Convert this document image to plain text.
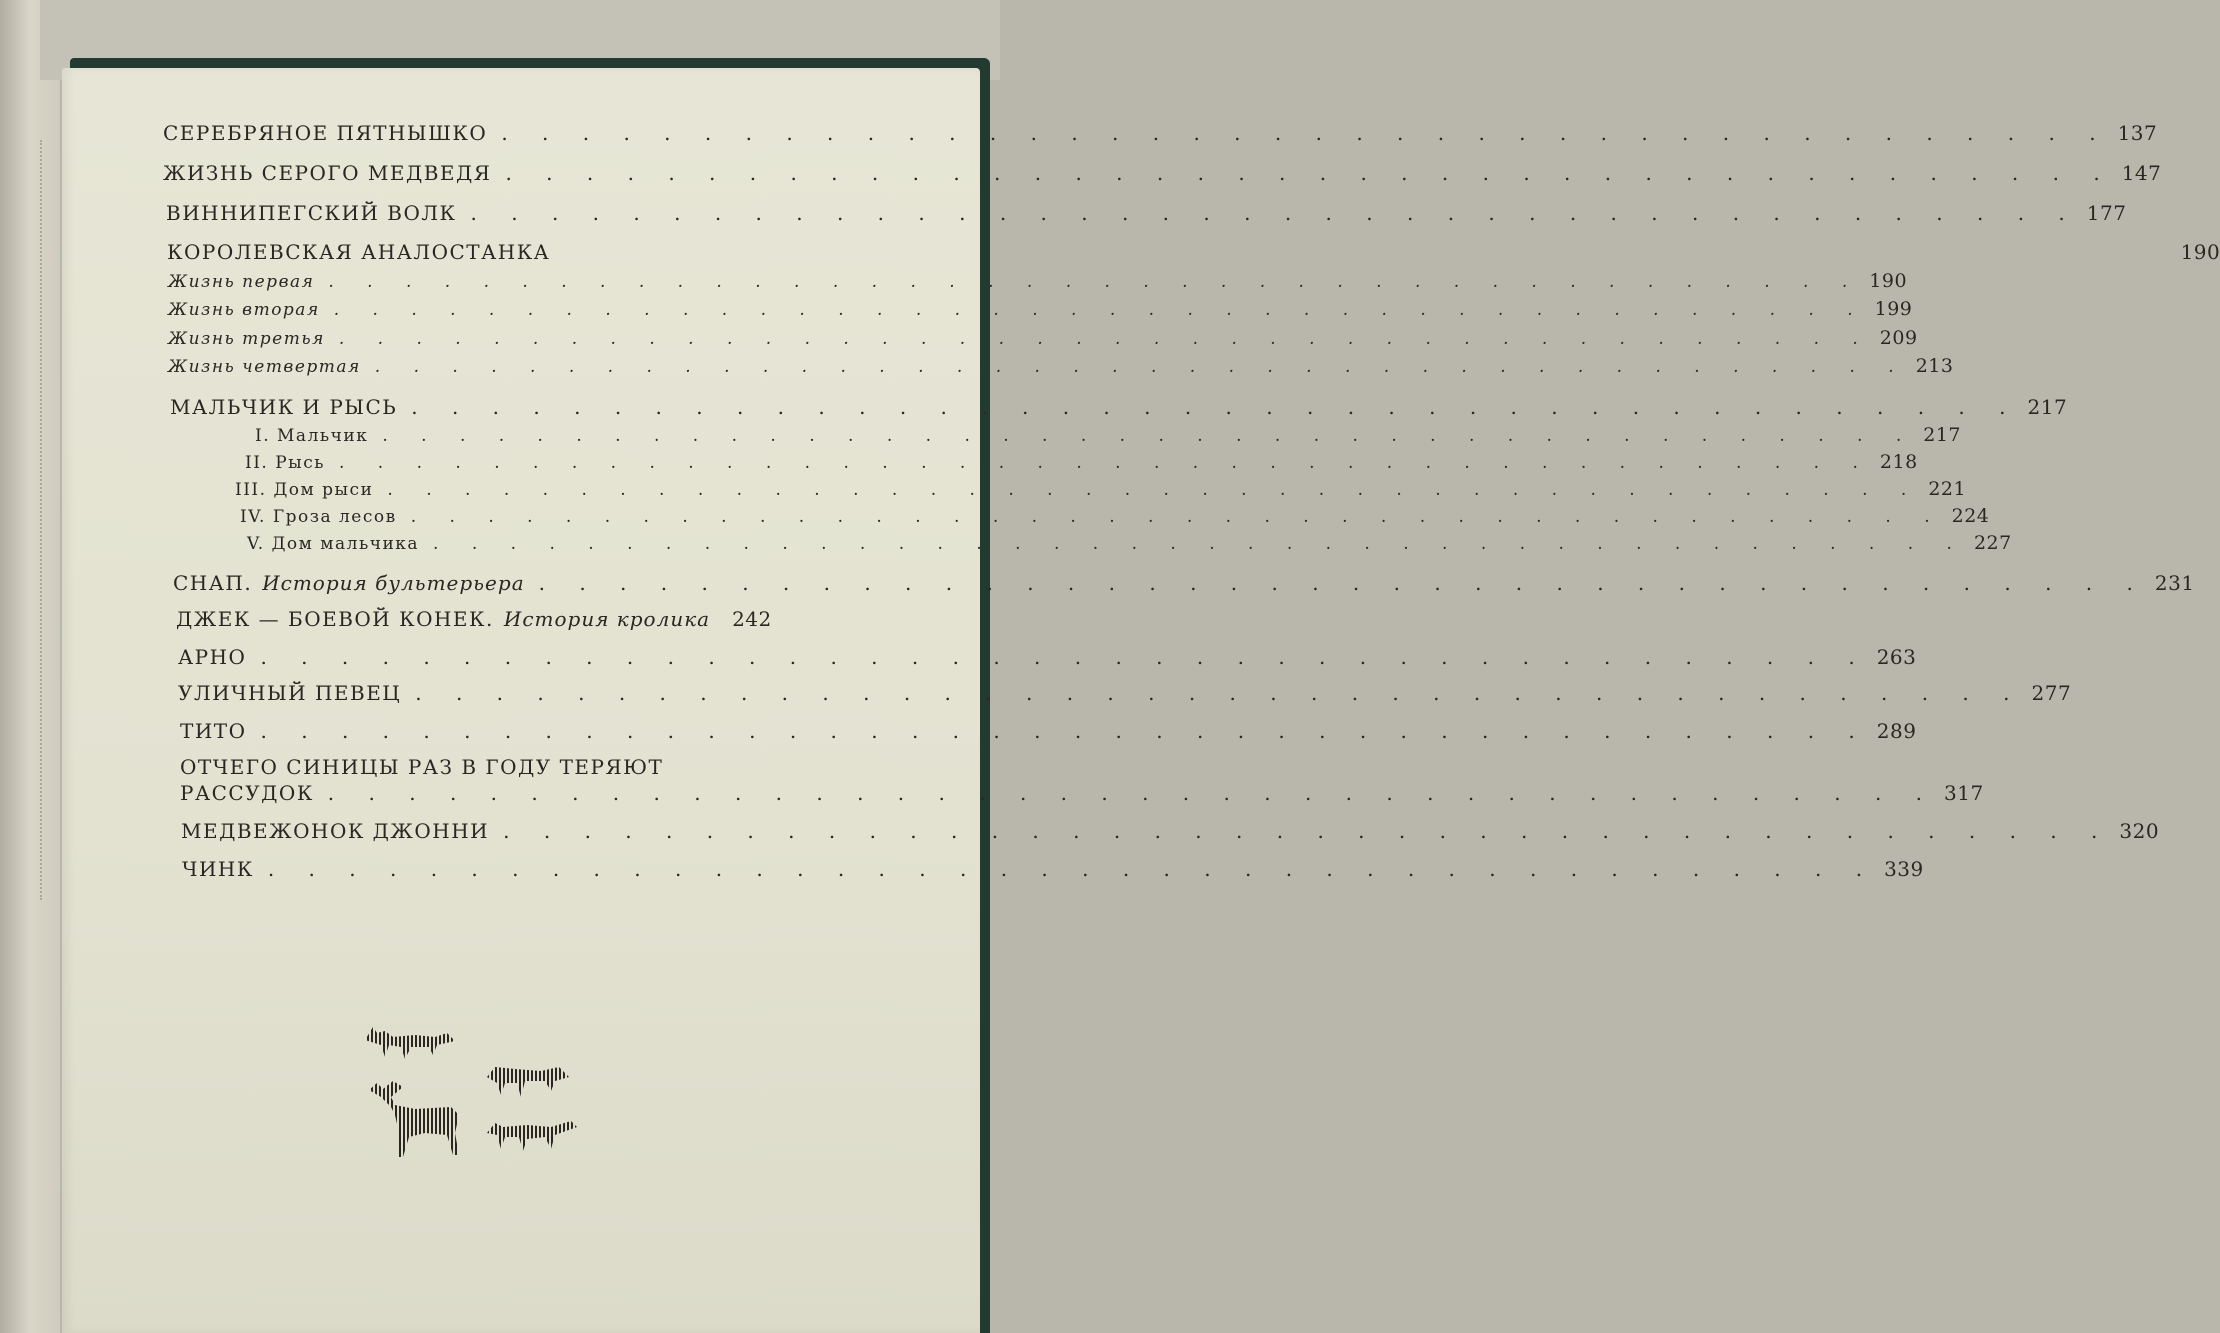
СЕРЕБРЯНОЕ ПЯТНЫШКО . . . . . . . . . . . . . . . . . . . . . . . . . . . . . . . . . . . . . . . . 137
ЖИЗНЬ СЕРОГО МЕДВЕДЯ . . . . . . . . . . . . . . . . . . . . . . . . . . . . . . . . . . . . . . . . 147
ВИННИПЕГСКИЙ ВОЛК . . . . . . . . . . . . . . . . . . . . . . . . . . . . . . . . . . . . . . . . 177
КОРОЛЕВСКАЯ АНАЛОСТАНКА	190
Жизнь первая . . . . . . . . . . . . . . . . . . . . . . . . . . . . . . . . . . . . . . . . 190
Жизнь вторая . . . . . . . . . . . . . . . . . . . . . . . . . . . . . . . . . . . . . . . . 199
Жизнь третья . . . . . . . . . . . . . . . . . . . . . . . . . . . . . . . . . . . . . . . . 209
Жизнь четвертая . . . . . . . . . . . . . . . . . . . . . . . . . . . . . . . . . . . . . . . . 213
МАЛЬЧИК И РЫСЬ . . . . . . . . . . . . . . . . . . . . . . . . . . . . . . . . . . . . . . . . 217
I. Мальчик . . . . . . . . . . . . . . . . . . . . . . . . . . . . . . . . . . . . . . . . 217
II. Рысь . . . . . . . . . . . . . . . . . . . . . . . . . . . . . . . . . . . . . . . . 218
III. Дом рыси . . . . . . . . . . . . . . . . . . . . . . . . . . . . . . . . . . . . . . . . 221
IV. Гроза лесов . . . . . . . . . . . . . . . . . . . . . . . . . . . . . . . . . . . . . . . . 224
V. Дом мальчика . . . . . . . . . . . . . . . . . . . . . . . . . . . . . . . . . . . . . . . . 227
СНАП. История бультерьера . . . . . . . . . . . . . . . . . . . . . . . . . . . . . . . . . . . . . . . . 231
ДЖЕК — БОЕВОЙ КОНЕК. История кролика 242
АРНО . . . . . . . . . . . . . . . . . . . . . . . . . . . . . . . . . . . . . . . . 263
УЛИЧНЫЙ ПЕВЕЦ . . . . . . . . . . . . . . . . . . . . . . . . . . . . . . . . . . . . . . . . 277
ТИТО . . . . . . . . . . . . . . . . . . . . . . . . . . . . . . . . . . . . . . . . 289
ОТЧЕГО СИНИЦЫ РАЗ В ГОДУ ТЕРЯЮТ
РАССУДОК . . . . . . . . . . . . . . . . . . . . . . . . . . . . . . . . . . . . . . . . 317
МЕДВЕЖОНОК ДЖОННИ . . . . . . . . . . . . . . . . . . . . . . . . . . . . . . . . . . . . . . . . 320
ЧИНК . . . . . . . . . . . . . . . . . . . . . . . . . . . . . . . . . . . . . . . . 339
